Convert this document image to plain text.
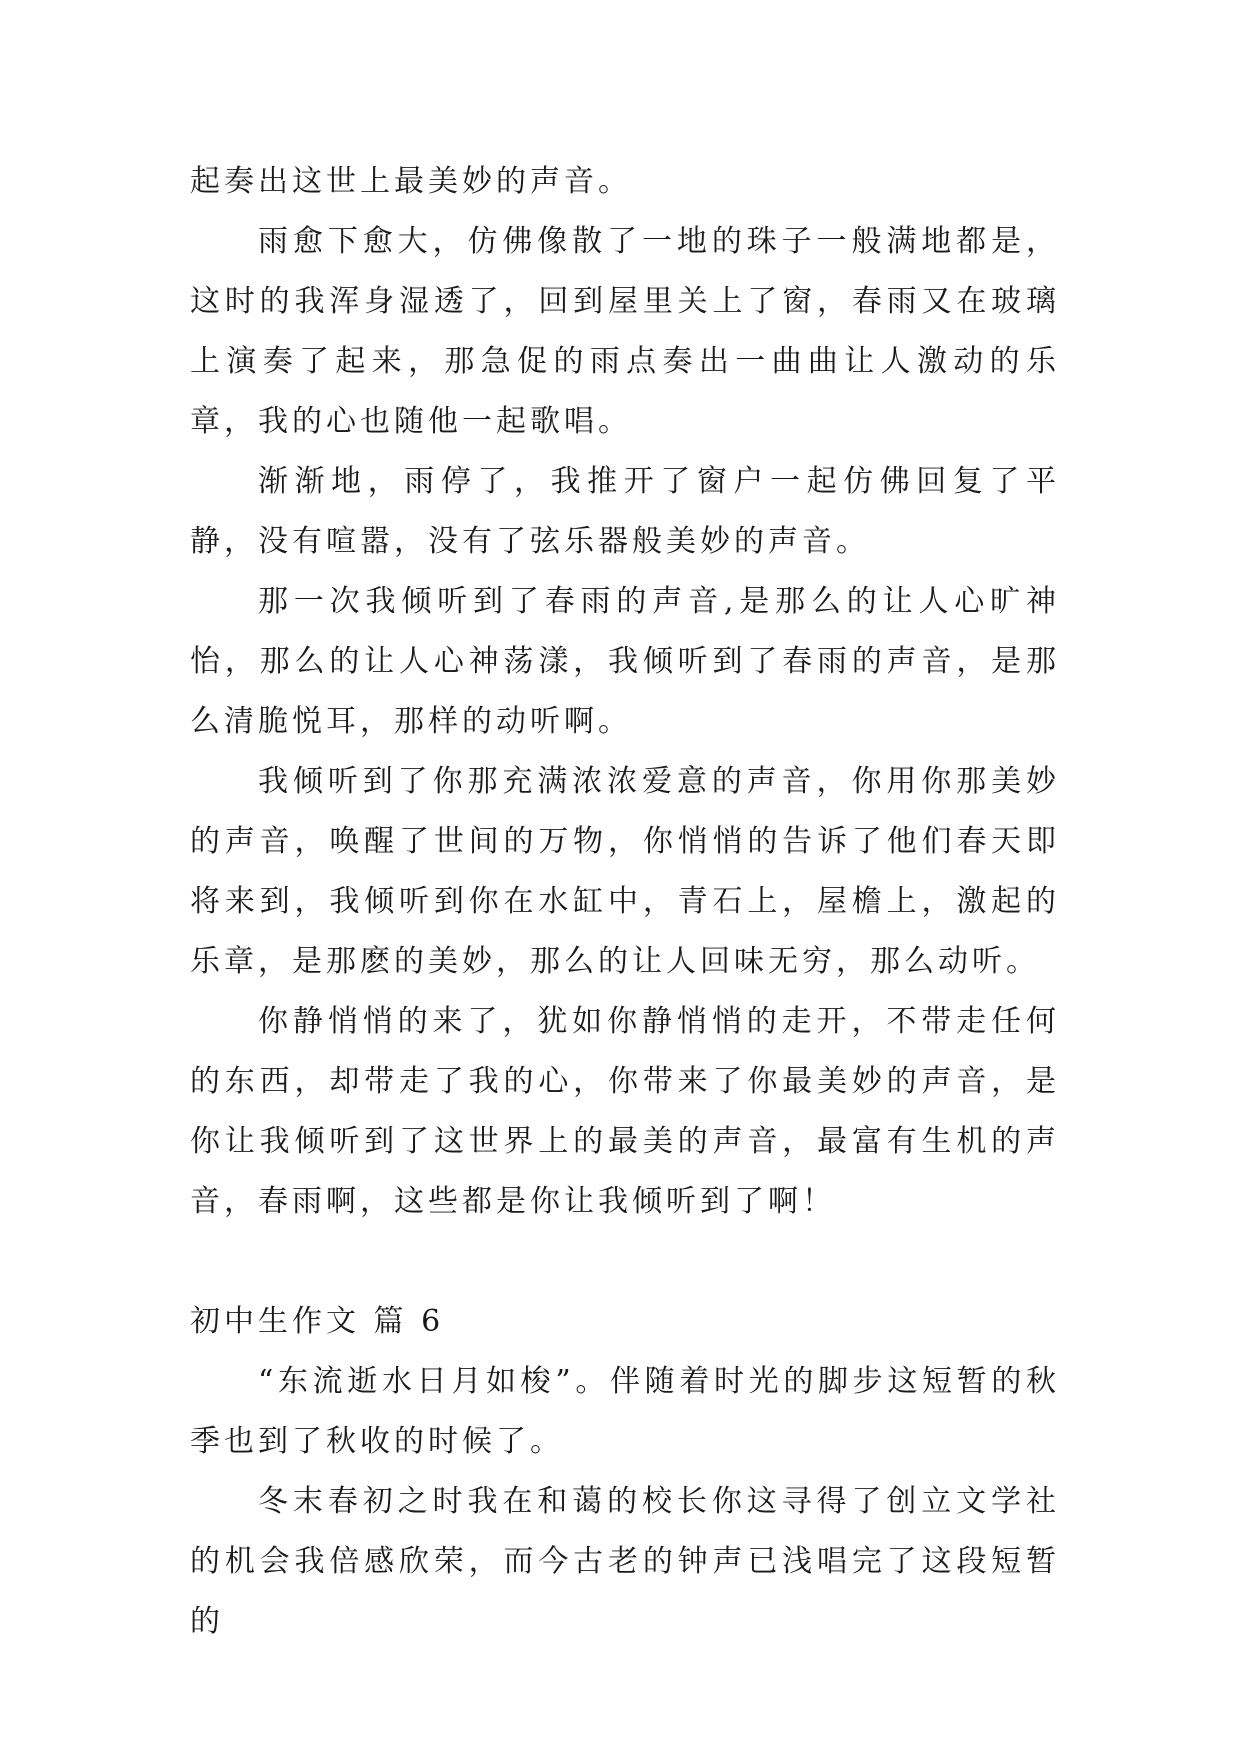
起奏出这世上最美妙的声音。

雨愈下愈大，仿佛像散了一地的珠子一般满地都是，这时的我浑身湿透了，回到屋里关上了窗，春雨又在玻璃上演奏了起来，那急促的雨点奏出一曲曲让人激动的乐章，我的心也随他一起歌唱。

渐渐地，雨停了，我推开了窗户一起仿佛回复了平静，没有喧嚣，没有了弦乐器般美妙的声音。

那一次我倾听到了春雨的声音,是那么的让人心旷神怡，那么的让人心神荡漾，我倾听到了春雨的声音，是那么清脆悦耳，那样的动听啊。

我倾听到了你那充满浓浓爱意的声音，你用你那美妙的声音，唤醒了世间的万物，你悄悄的告诉了他们春天即将来到，我倾听到你在水缸中，青石上，屋檐上，激起的乐章，是那麽的美妙，那么的让人回味无穷，那么动听。

你静悄悄的来了，犹如你静悄悄的走开，不带走任何的东西，却带走了我的心，你带来了你最美妙的声音，是你让我倾听到了这世界上的最美的声音，最富有生机的声音，春雨啊，这些都是你让我倾听到了啊！

初中生作文 篇 6

“东流逝水日月如梭”。伴随着时光的脚步这短暂的秋季也到了秋收的时候了。

冬末春初之时我在和蔼的校长你这寻得了创立文学社的机会我倍感欣荣，而今古老的钟声已浅唱完了这段短暂的
